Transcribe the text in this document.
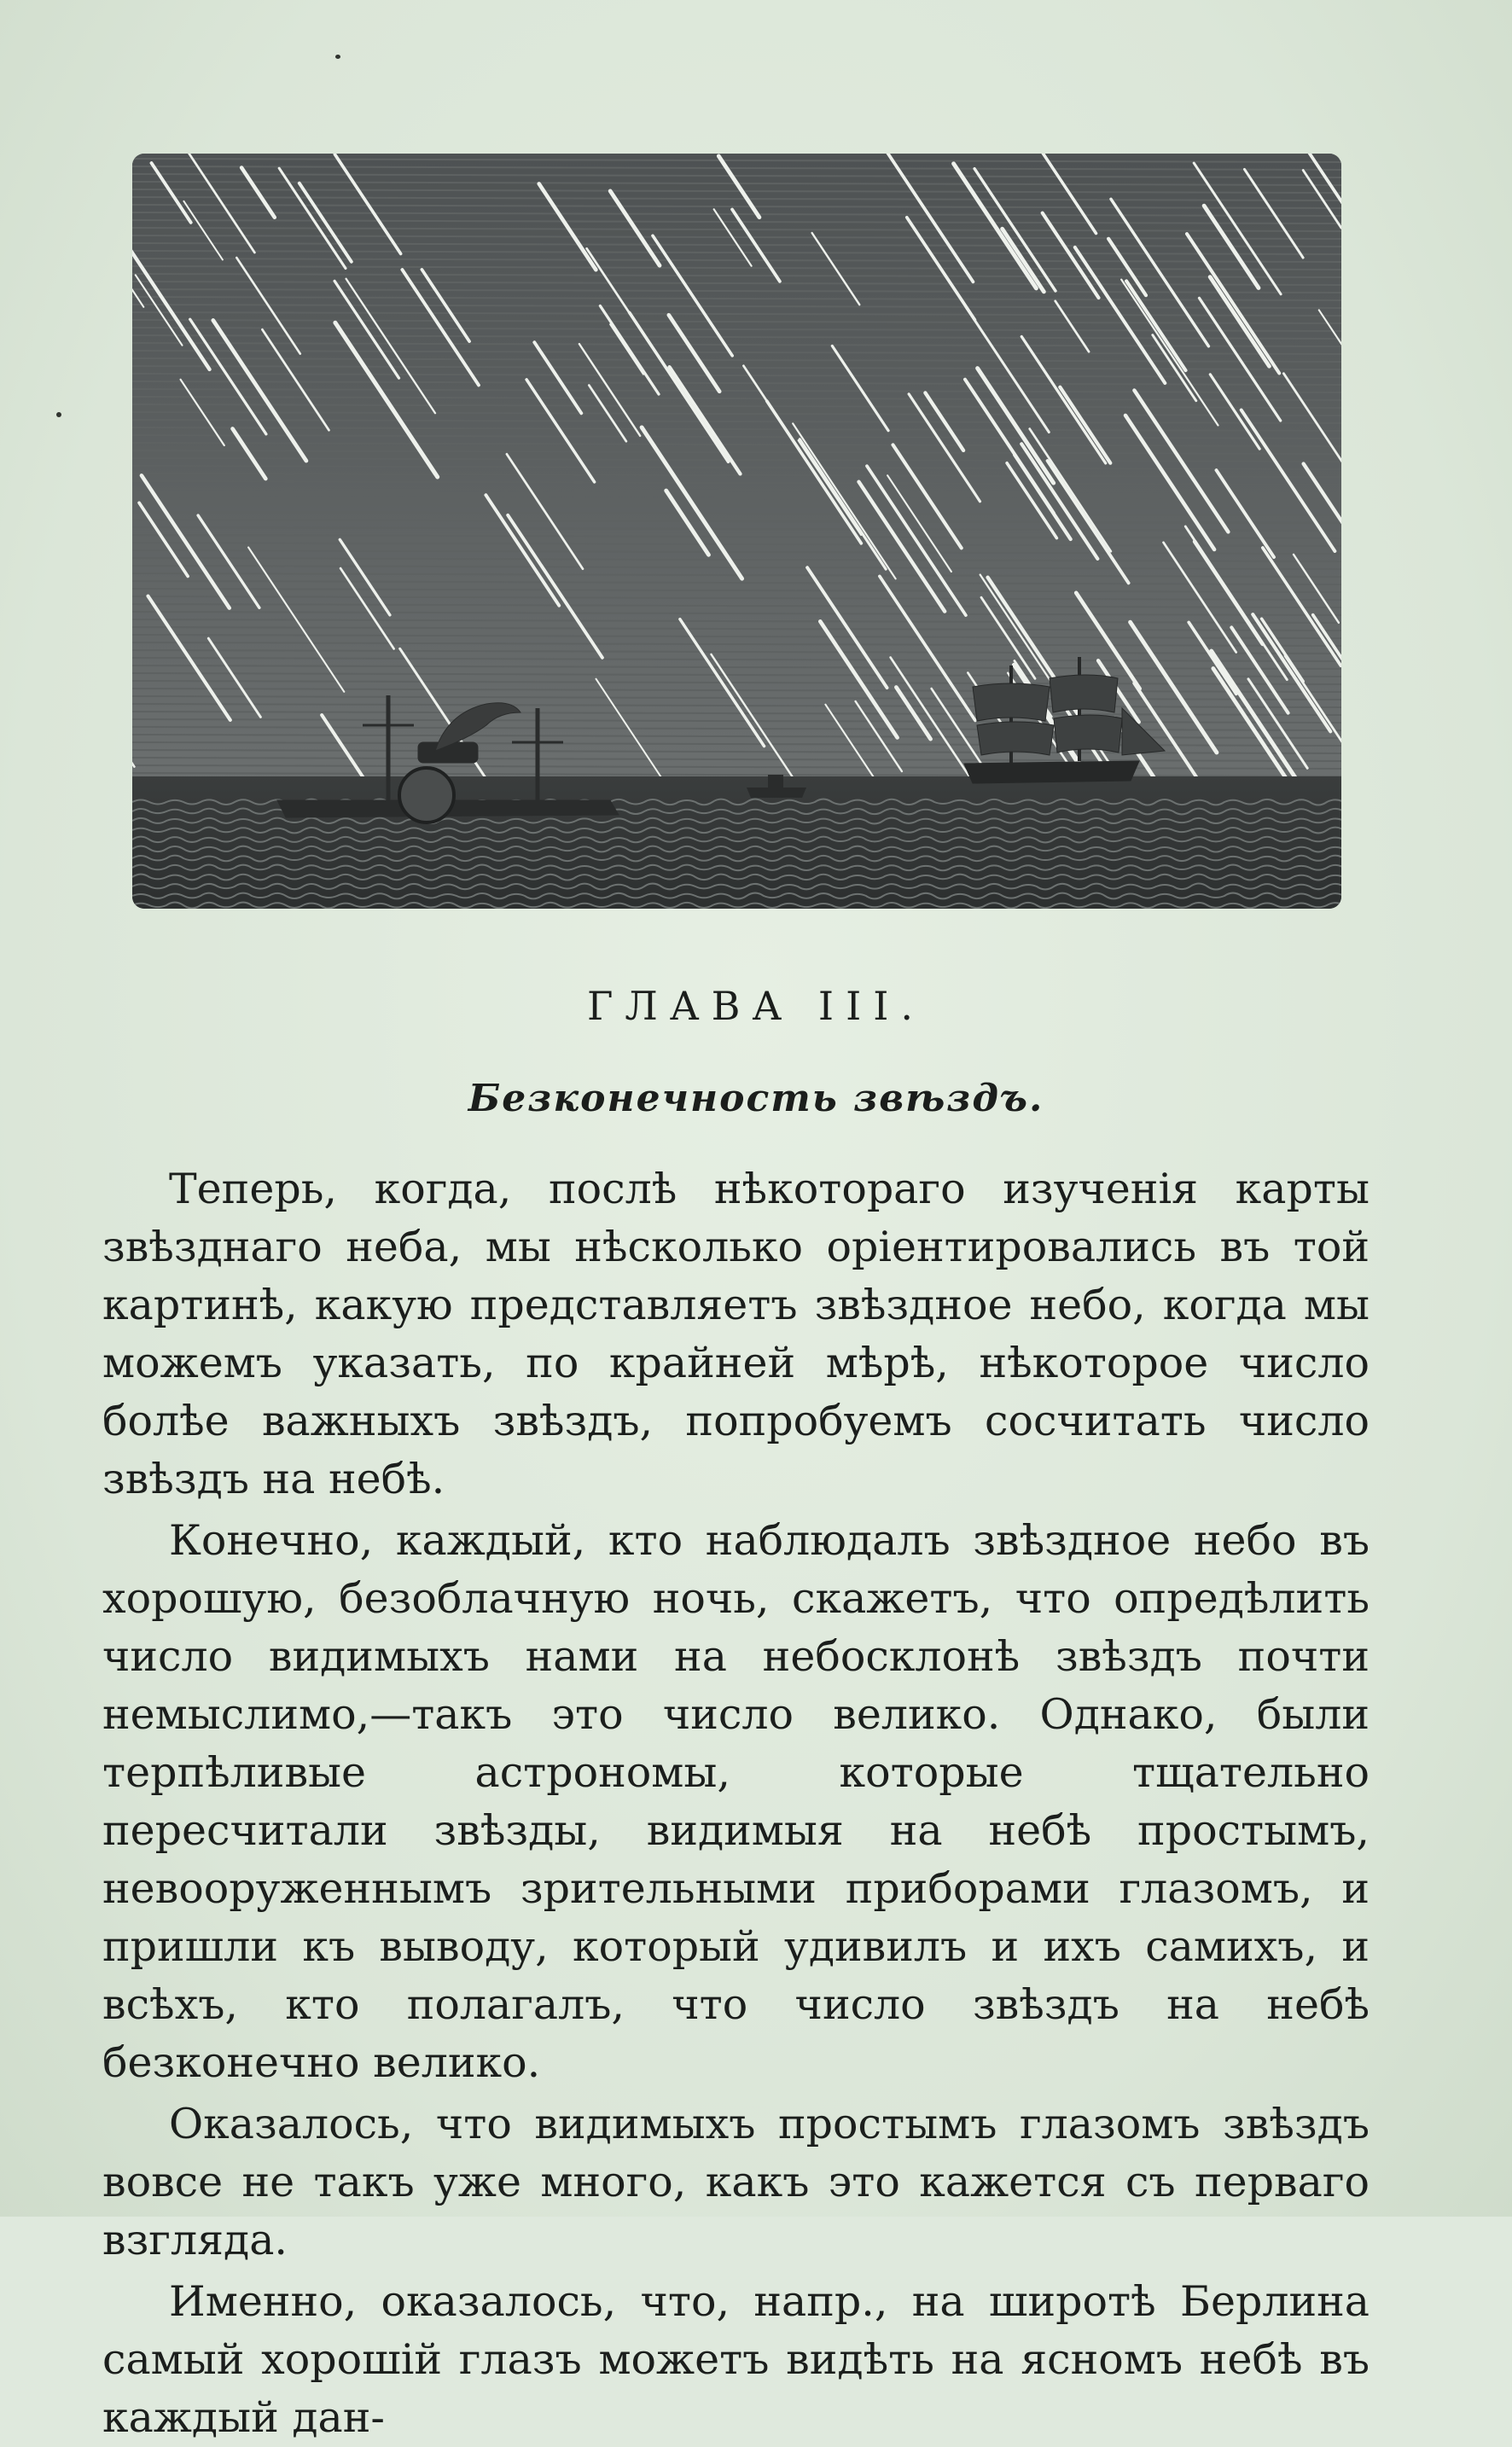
ГЛАВА III.
Безконечность звѣздъ.

Теперь, когда, послѣ нѣкотораго изученія карты звѣзднаго неба, мы нѣсколько оріентировались въ той картинѣ, какую представляетъ звѣздное небо, когда мы можемъ указать, по крайней мѣрѣ, нѣкоторое число болѣе важныхъ звѣздъ, попробуемъ сосчитать число звѣздъ на небѣ.

Конечно, каждый, кто наблюдалъ звѣздное небо въ хорошую, безоблачную ночь, скажетъ, что опредѣлить число видимыхъ нами на небосклонѣ звѣздъ почти немыслимо,—такъ это число велико. Однако, были терпѣливые астрономы, которые тщательно пересчитали звѣзды, видимыя на небѣ простымъ, невооруженнымъ зрительными приборами глазомъ, и пришли къ выводу, который удивилъ и ихъ самихъ, и всѣхъ, кто полагалъ, что число звѣздъ на небѣ безконечно велико.

Оказалось, что видимыхъ простымъ глазомъ звѣздъ вовсе не такъ уже много, какъ это кажется съ перваго взгляда.

Именно, оказалось, что, напр., на широтѣ Берлина самый хорошій глазъ можетъ видѣть на ясномъ небѣ въ каждый дан-
